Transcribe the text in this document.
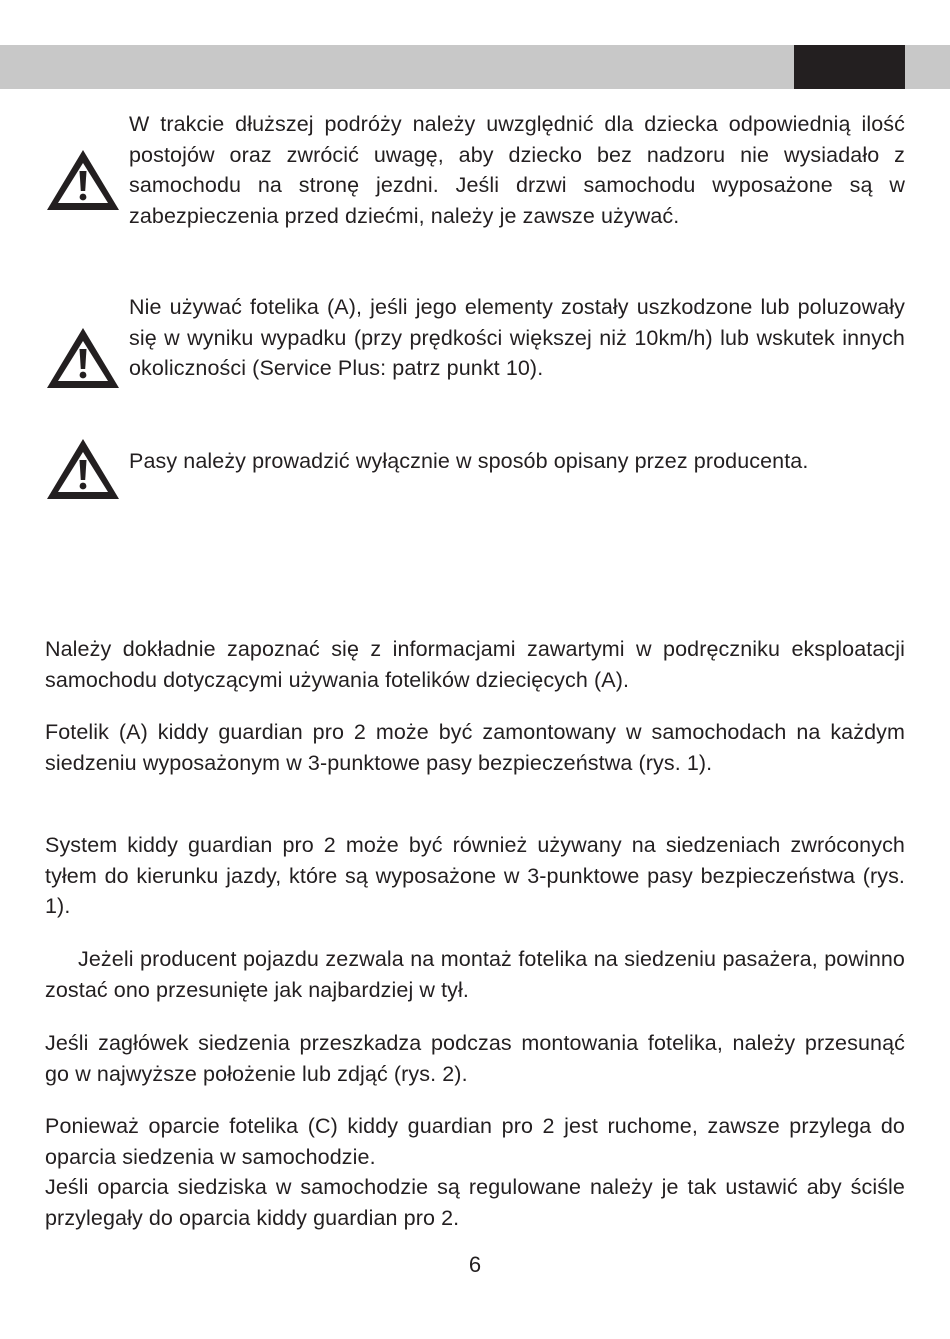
W trakcie dłuższej podróży należy uwzględnić dla dziecka odpowiednią ilość postojów oraz zwrócić uwagę, aby dziecko bez nadzoru nie wysiadało z samochodu na stronę jezdni. Jeśli drzwi samochodu wyposażone są w zabezpieczenia przed dziećmi, należy je zawsze używać.

Nie używać fotelika (A), jeśli jego elementy zostały uszkodzone lub poluzowały się w wyniku wypadku (przy prędkości większej niż 10km/h) lub wskutek innych okoliczności (Service Plus: patrz punkt 10).

Pasy należy prowadzić wyłącznie w sposób opisany przez producenta.

Należy dokładnie zapoznać się z informacjami zawartymi w podręczniku eksploatacji samochodu dotyczącymi używania fotelików dziecięcych (A).

Fotelik (A) kiddy guardian pro 2 może być zamontowany w samochodach na każdym siedzeniu wyposażonym w 3-punktowe pasy bezpieczeństwa (rys. 1).

System kiddy guardian pro 2 może być również używany na siedzeniach zwróconych tyłem do kierunku jazdy, które są wyposażone w 3-punktowe pasy bezpieczeństwa (rys. 1).

Jeżeli producent pojazdu zezwala na montaż fotelika na siedzeniu pasażera, powinno zostać ono przesunięte jak najbardziej w tył.

Jeśli zagłówek siedzenia przeszkadza podczas montowania fotelika, należy przesunąć go w najwyższe położenie lub zdjąć (rys. 2).

Ponieważ oparcie fotelika (C) kiddy guardian pro 2 jest ruchome, zawsze przylega do oparcia siedzenia w samochodzie.

Jeśli oparcia siedziska w samochodzie są regulowane należy je tak ustawić aby ściśle przylegały do oparcia kiddy guardian pro 2.

6
